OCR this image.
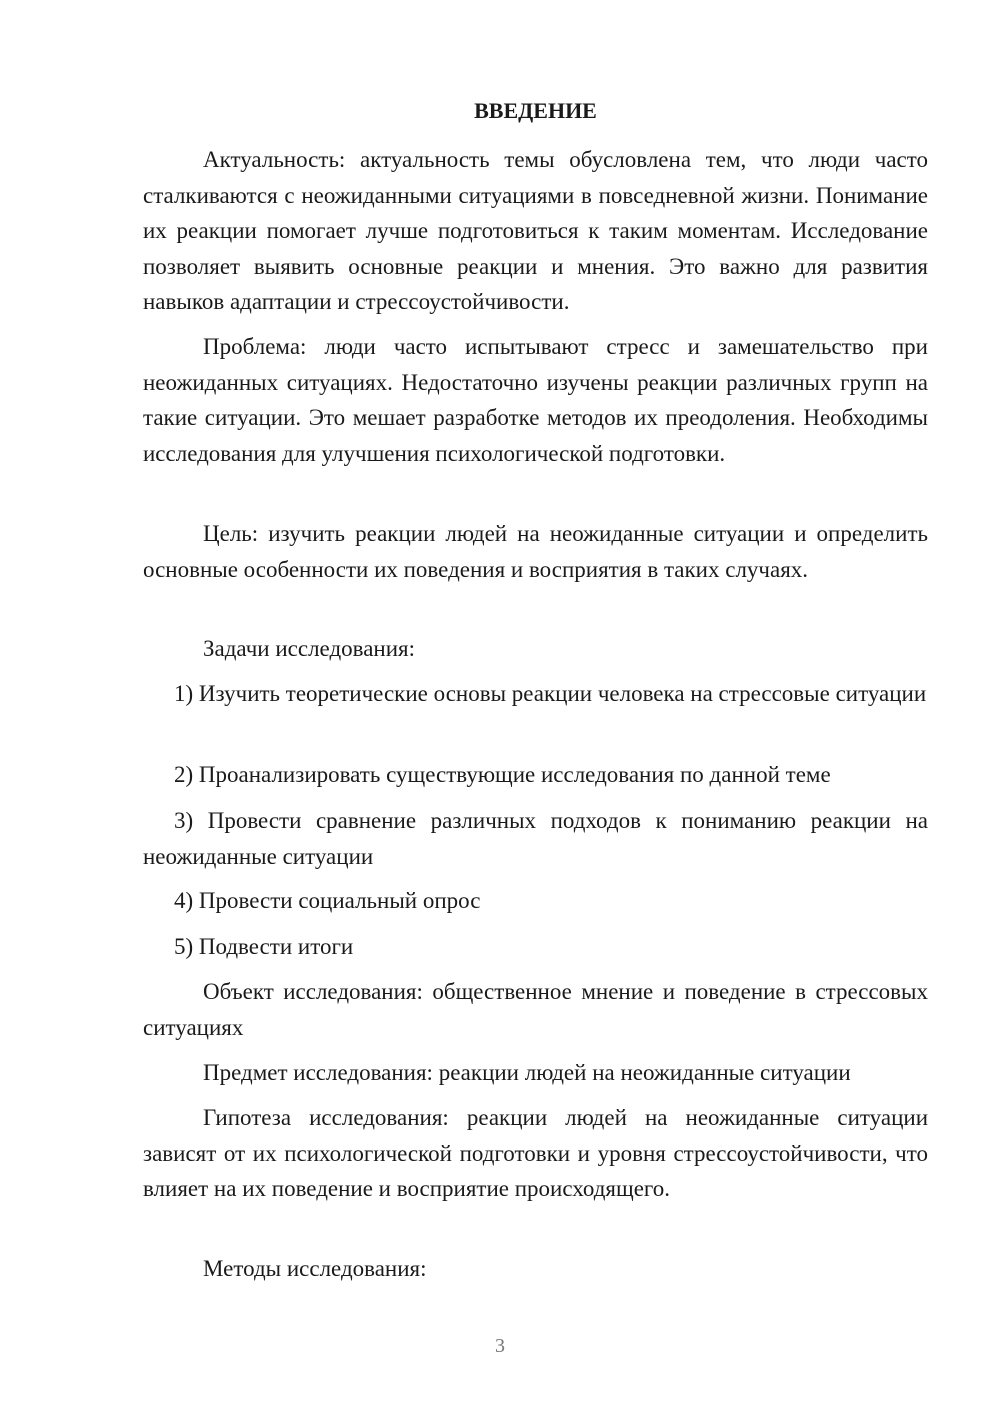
ВВЕДЕНИЕ

Актуальность: актуальность темы обусловлена тем, что люди часто сталкиваются с неожиданными ситуациями в повседневной жизни. Понимание их реакции помогает лучше подготовиться к таким моментам. Исследование позволяет выявить основные реакции и мнения. Это важно для развития навыков адаптации и стрессоустойчивости.

Проблема: люди часто испытывают стресс и замешательство при неожиданных ситуациях. Недостаточно изучены реакции различных групп на такие ситуации. Это мешает разработке методов их преодоления. Необходимы исследования для улучшения психологической подготовки.

Цель: изучить реакции людей на неожиданные ситуации и определить основные особенности их поведения и восприятия в таких случаях.

Задачи исследования:

1) Изучить теоретические основы реакции человека на стрессовые ситуации

2) Проанализировать существующие исследования по данной теме

3) Провести сравнение различных подходов к пониманию реакции на неожиданные ситуации

4) Провести социальный опрос

5) Подвести итоги

Объект исследования: общественное мнение и поведение в стрессовых ситуациях

Предмет исследования: реакции людей на неожиданные ситуации

Гипотеза исследования: реакции людей на неожиданные ситуации зависят от их психологической подготовки и уровня стрессоустойчивости, что влияет на их поведение и восприятие происходящего.

Методы исследования:

3
